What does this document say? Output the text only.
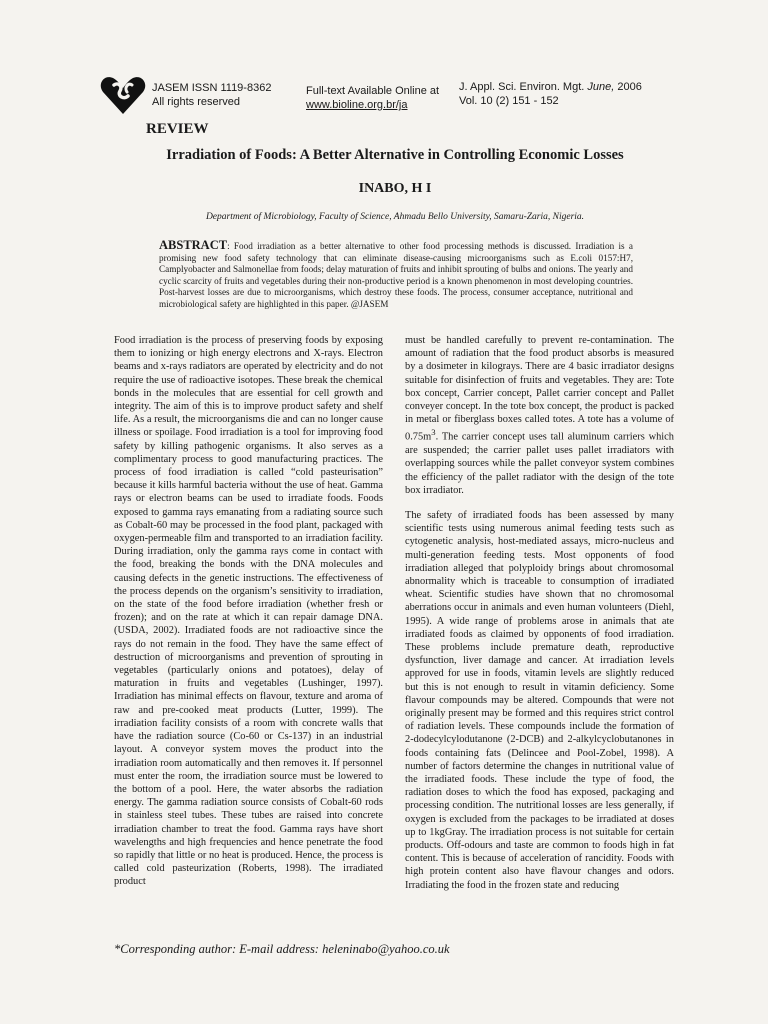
JASEM ISSN 1119-8362
All rights reserved
Full-text Available Online at
www.bioline.org.br/ja
J. Appl. Sci. Environ. Mgt. June, 2006
Vol. 10 (2) 151 - 152
REVIEW
Irradiation of Foods: A Better Alternative in Controlling Economic Losses
INABO, H I
Department of Microbiology, Faculty of Science, Ahmadu Bello University, Samaru-Zaria, Nigeria.
ABSTRACT: Food irradiation as a better alternative to other food processing methods is discussed. Irradiation is a promising new food safety technology that can eliminate disease-causing microorganisms such as E.coli 0157:H7, Camplyobacter and Salmonellae from foods; delay maturation of fruits and inhibit sprouting of bulbs and onions. The yearly and cyclic scarcity of fruits and vegetables during their non-productive period is a known phenomenon in most developing countries. Post-harvest losses are due to microorganisms, which destroy these foods. The process, consumer acceptance, nutritional and microbiological safety are highlighted in this paper. @JASEM

Food irradiation is the process of preserving foods by exposing them to ionizing or high energy electrons and X-rays. Electron beams and x-rays radiators are operated by electricity and do not require the use of radioactive isotopes. These break the chemical bonds in the molecules that are essential for cell growth and integrity. The aim of this is to improve product safety and shelf life. As a result, the microorganisms die and can no longer cause illness or spoilage. Food irradiation is a tool for improving food safety by killing pathogenic organisms. It also serves as a complimentary process to good manufacturing practices. The process of food irradiation is called “cold pasteurisation” because it kills harmful bacteria without the use of heat. Gamma rays or electron beams can be used to irradiate foods. Foods exposed to gamma rays emanating from a radiating source such as Cobalt-60 may be processed in the food plant, packaged with oxygen-permeable film and transported to an irradiation facility. During irradiation, only the gamma rays come in contact with the food, breaking the bonds with the DNA molecules and causing defects in the genetic instructions. The effectiveness of the process depends on the organism’s sensitivity to irradiation, on the state of the food before irradiation (whether fresh or frozen); and on the rate at which it can repair damage DNA. (USDA, 2002). Irradiated foods are not radioactive since the rays do not remain in the food. They have the same effect of destruction of microorganisms and prevention of sprouting in vegetables (particularly onions and potatoes), delay of maturation in fruits and vegetables (Lushinger, 1997). Irradiation has minimal effects on flavour, texture and aroma of raw and pre-cooked meat products (Lutter, 1999). The irradiation facility consists of a room with concrete walls that have the radiation source (Co-60 or Cs-137) in an industrial layout. A conveyor system moves the product into the irradiation room automatically and then removes it. If personnel must enter the room, the irradiation source must be lowered to the bottom of a pool. Here, the water absorbs the radiation energy. The gamma radiation source consists of Cobalt-60 rods in stainless steel tubes. These tubes are raised into concrete irradiation chamber to treat the food. Gamma rays have short wavelengths and high frequencies and hence penetrate the food so rapidly that little or no heat is produced. Hence, the process is called cold pasteurization (Roberts, 1998). The irradiated product

must be handled carefully to prevent re-contamination. The amount of radiation that the food product absorbs is measured by a dosimeter in kilograys. There are 4 basic irradiator designs suitable for disinfection of fruits and vegetables. They are: Tote box concept, Carrier concept, Pallet carrier concept and Pallet conveyer concept. In the tote box concept, the product is packed in metal or fiberglass boxes called totes. A tote has a volume of $0.75m^3$. The carrier concept uses tall aluminum carriers which are suspended; the carrier pallet uses pallet irradiators with overlapping sources while the pallet conveyor system combines the efficiency of the pallet radiator with the design of the tote box irradiator.

The safety of irradiated foods has been assessed by many scientific tests using numerous animal feeding tests such as cytogenetic analysis, host-mediated assays, micro-nucleus and multi-generation feeding tests. Most opponents of food irradiation alleged that polyploidy brings about chromosomal abnormality which is traceable to consumption of irradiated wheat. Scientific studies have shown that no chromosomal aberrations occur in animals and even human volunteers (Diehl, 1995). A wide range of problems arose in animals that ate irradiated foods as claimed by opponents of food irradiation. These problems include premature death, reproductive dysfunction, liver damage and cancer. At irradiation levels approved for use in foods, vitamin levels are slightly reduced but this is not enough to result in vitamin deficiency. Some flavour compounds may be altered. Compounds that were not originally present may be formed and this requires strict control of radiation levels. These compounds include the formation of 2-dodecylcylodutanone (2-DCB) and 2-alkylcyclobutanones in foods containing fats (Delincee and Pool-Zobel, 1998). A number of factors determine the changes in nutritional value of the irradiated foods. These include the type of food, the radiation doses to which the food has exposed, packaging and processing condition. The nutritional losses are less generally, if oxygen is excluded from the packages to be irradiated at doses up to 1kgGray. The irradiation process is not suitable for certain products. Off-odours and taste are common to foods high in fat content. This is because of acceleration of rancidity. Foods with high protein content also have flavour changes and odors. Irradiating the food in the frozen state and reducing

*Corresponding author: E-mail address: heleninabo@yahoo.co.uk
